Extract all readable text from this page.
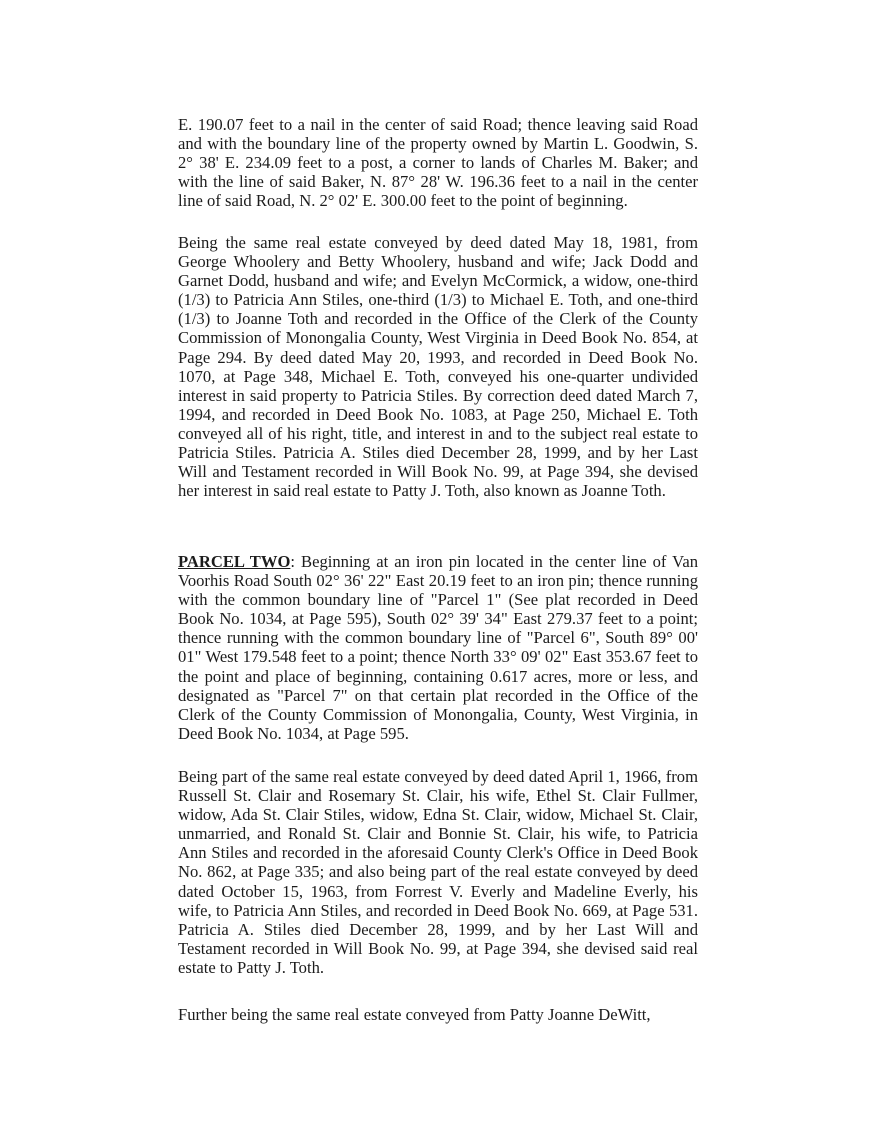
E. 190.07 feet to a nail in the center of said Road; thence leaving said Road and with the boundary line of the property owned by Martin L. Goodwin, S. 2° 38' E. 234.09 feet to a post, a corner to lands of Charles M. Baker; and with the line of said Baker, N. 87° 28' W. 196.36 feet to a nail in the center line of said Road, N. 2° 02' E. 300.00 feet to the point of beginning.

Being the same real estate conveyed by deed dated May 18, 1981, from George Whoolery and Betty Whoolery, husband and wife; Jack Dodd and Garnet Dodd, husband and wife; and Evelyn McCormick, a widow, one-third (1/3) to Patricia Ann Stiles, one-third (1/3) to Michael E. Toth, and one-third (1/3) to Joanne Toth and recorded in the Office of the Clerk of the County Commission of Monongalia County, West Virginia in Deed Book No. 854, at Page 294. By deed dated May 20, 1993, and recorded in Deed Book No. 1070, at Page 348, Michael E. Toth, conveyed his one-quarter undivided interest in said property to Patricia Stiles. By correction deed dated March 7, 1994, and recorded in Deed Book No. 1083, at Page 250, Michael E. Toth conveyed all of his right, title, and interest in and to the subject real estate to Patricia Stiles. Patricia A. Stiles died December 28, 1999, and by her Last Will and Testament recorded in Will Book No. 99, at Page 394, she devised her interest in said real estate to Patty J. Toth, also known as Joanne Toth.

PARCEL TWO: Beginning at an iron pin located in the center line of Van Voorhis Road South 02° 36' 22" East 20.19 feet to an iron pin; thence running with the common boundary line of "Parcel 1" (See plat recorded in Deed Book No. 1034, at Page 595), South 02° 39' 34" East 279.37 feet to a point; thence running with the common boundary line of "Parcel 6", South 89° 00' 01" West 179.548 feet to a point; thence North 33° 09' 02" East 353.67 feet to the point and place of beginning, containing 0.617 acres, more or less, and designated as "Parcel 7" on that certain plat recorded in the Office of the Clerk of the County Commission of Monongalia, County, West Virginia, in Deed Book No. 1034, at Page 595.

Being part of the same real estate conveyed by deed dated April 1, 1966, from Russell St. Clair and Rosemary St. Clair, his wife, Ethel St. Clair Fullmer, widow, Ada St. Clair Stiles, widow, Edna St. Clair, widow, Michael St. Clair, unmarried, and Ronald St. Clair and Bonnie St. Clair, his wife, to Patricia Ann Stiles and recorded in the aforesaid County Clerk's Office in Deed Book No. 862, at Page 335; and also being part of the real estate conveyed by deed dated October 15, 1963, from Forrest V. Everly and Madeline Everly, his wife, to Patricia Ann Stiles, and recorded in Deed Book No. 669, at Page 531. Patricia A. Stiles died December 28, 1999, and by her Last Will and Testament recorded in Will Book No. 99, at Page 394, she devised said real estate to Patty J. Toth.

Further being the same real estate conveyed from Patty Joanne DeWitt,
